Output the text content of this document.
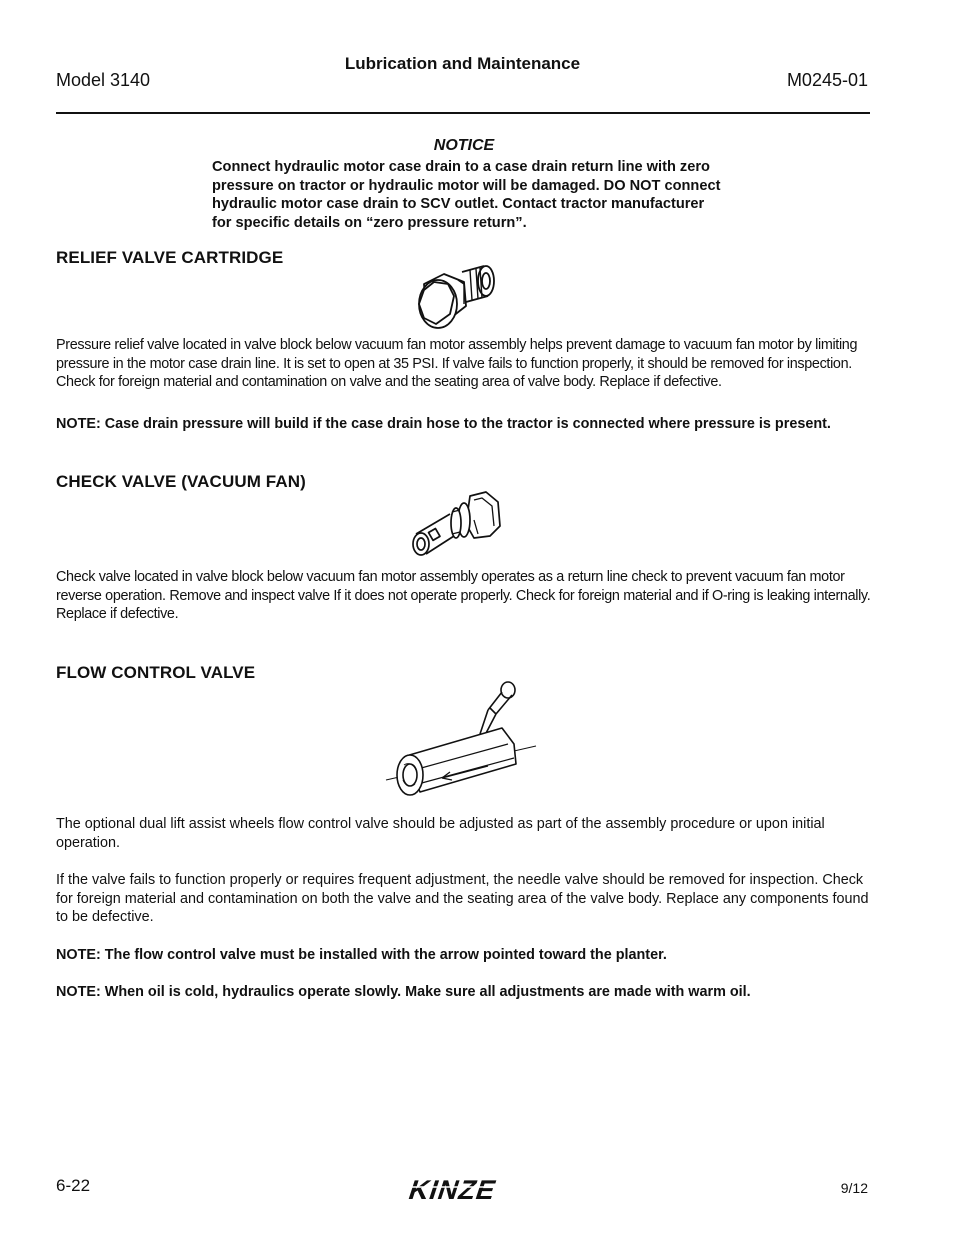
Lubrication and Maintenance
Model 3140	M0245-01
NOTICE
Connect hydraulic motor case drain to a case drain return line with zero pressure on tractor or hydraulic motor will be damaged. DO NOT connect hydraulic motor case drain to SCV outlet. Contact tractor manufacturer for specific details on “zero pressure return”.
RELIEF VALVE CARTRIDGE
Pressure relief valve located in valve block below vacuum fan motor assembly helps prevent damage to vacuum fan motor by limiting pressure in the motor case drain line. It is set to open at 35 PSI. If valve fails to function properly, it should be removed for inspection. Check for foreign material and contamination on valve and the seating area of valve body. Replace if defective.
NOTE: Case drain pressure will build if the case drain hose to the tractor is connected where pressure is present.
CHECK VALVE (VACUUM FAN)
Check valve located in valve block below vacuum fan motor assembly operates as a return line check to prevent vacuum fan motor reverse operation. Remove and inspect valve If it does not operate properly. Check for foreign material and if O-ring is leaking internally. Replace if defective.
FLOW CONTROL VALVE
The optional dual lift assist wheels flow control valve should be adjusted as part of the assembly procedure or upon initial operation.
If the valve fails to function properly or requires frequent adjustment, the needle valve should be removed for inspection. Check for foreign material and contamination on both the valve and the seating area of the valve body. Replace any components found to be defective.
NOTE: The flow control valve must be installed with the arrow pointed toward the planter.
NOTE: When oil is cold, hydraulics operate slowly. Make sure all adjustments are made with warm oil.
6-22	KINZE	9/12
